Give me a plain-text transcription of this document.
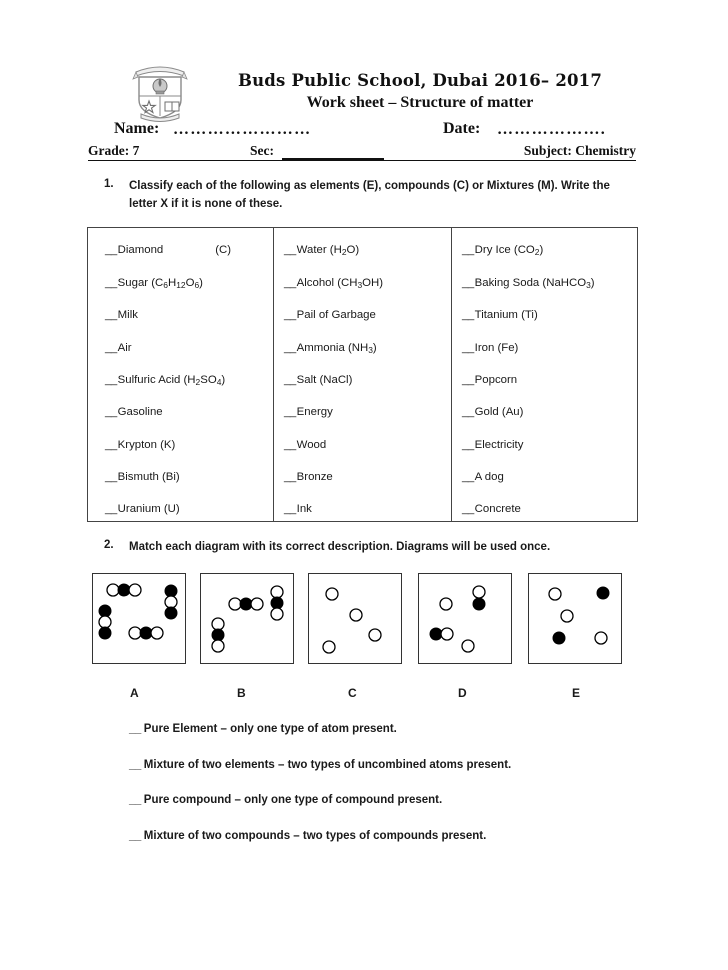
Buds Public School, Dubai 2016– 2017
Work sheet – Structure of matter
Name: ……………………	Date: ……………….
Grade: 7	Sec:	Subject: Chemistry
1. Classify each of the following as elements (E), compounds (C) or Mixtures (M). Write the letter X if it is none of these.
__ Diamond	(C)
__ Sugar $(C_6H_{12}O_6)$
__ Milk
__ Air
__ Sulfuric Acid $(H_2SO_4)$
__ Gasoline
__ Krypton (K)
__ Bismuth (Bi)
__ Uranium (U)
__ Water $(H_2O)$
__ Alcohol $(CH_3OH)$
__ Pail of Garbage
__ Ammonia $(NH_3)$
__ Salt (NaCl)
__ Energy
__ Wood
__ Bronze
__ Ink
__ Dry Ice $(CO_2)$
__ Baking Soda (NaHCO$_3$)
__ Titanium (Ti)
__ Iron (Fe)
__ Popcorn
__ Gold (Au)
__ Electricity
__ A dog
__ Concrete
2. Match each diagram with its correct description. Diagrams will be used once.
A	B	C	D	E
__ Pure Element – only one type of atom present.
__ Mixture of two elements – two types of uncombined atoms present.
__ Pure compound – only one type of compound present.
__ Mixture of two compounds – two types of compounds present.
